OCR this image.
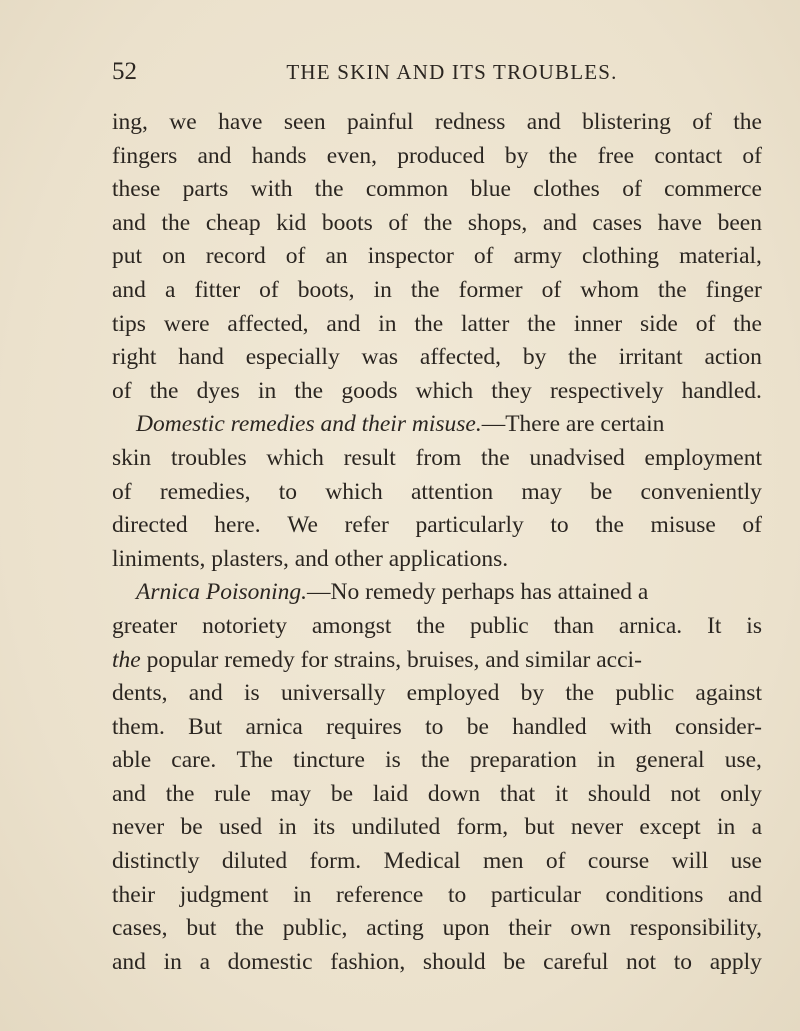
52	THE SKIN AND ITS TROUBLES.
ing, we have seen painful redness and blistering of the
fingers and hands even, produced by the free contact of
these parts with the common blue clothes of commerce
and the cheap kid boots of the shops, and cases have been
put on record of an inspector of army clothing material,
and a fitter of boots, in the former of whom the finger
tips were affected, and in the latter the inner side of the
right hand especially was affected, by the irritant action
of the dyes in the goods which they respectively handled.
Domestic remedies and their misuse.—There are certain
skin troubles which result from the unadvised employment
of remedies, to which attention may be conveniently
directed here. We refer particularly to the misuse of
liniments, plasters, and other applications.
Arnica Poisoning.—No remedy perhaps has attained a
greater notoriety amongst the public than arnica. It is
the popular remedy for strains, bruises, and similar acci-
dents, and is universally employed by the public against
them. But arnica requires to be handled with consider-
able care. The tincture is the preparation in general use,
and the rule may be laid down that it should not only
never be used in its undiluted form, but never except in a
distinctly diluted form. Medical men of course will use
their judgment in reference to particular conditions and
cases, but the public, acting upon their own responsibility,
and in a domestic fashion, should be careful not to apply
